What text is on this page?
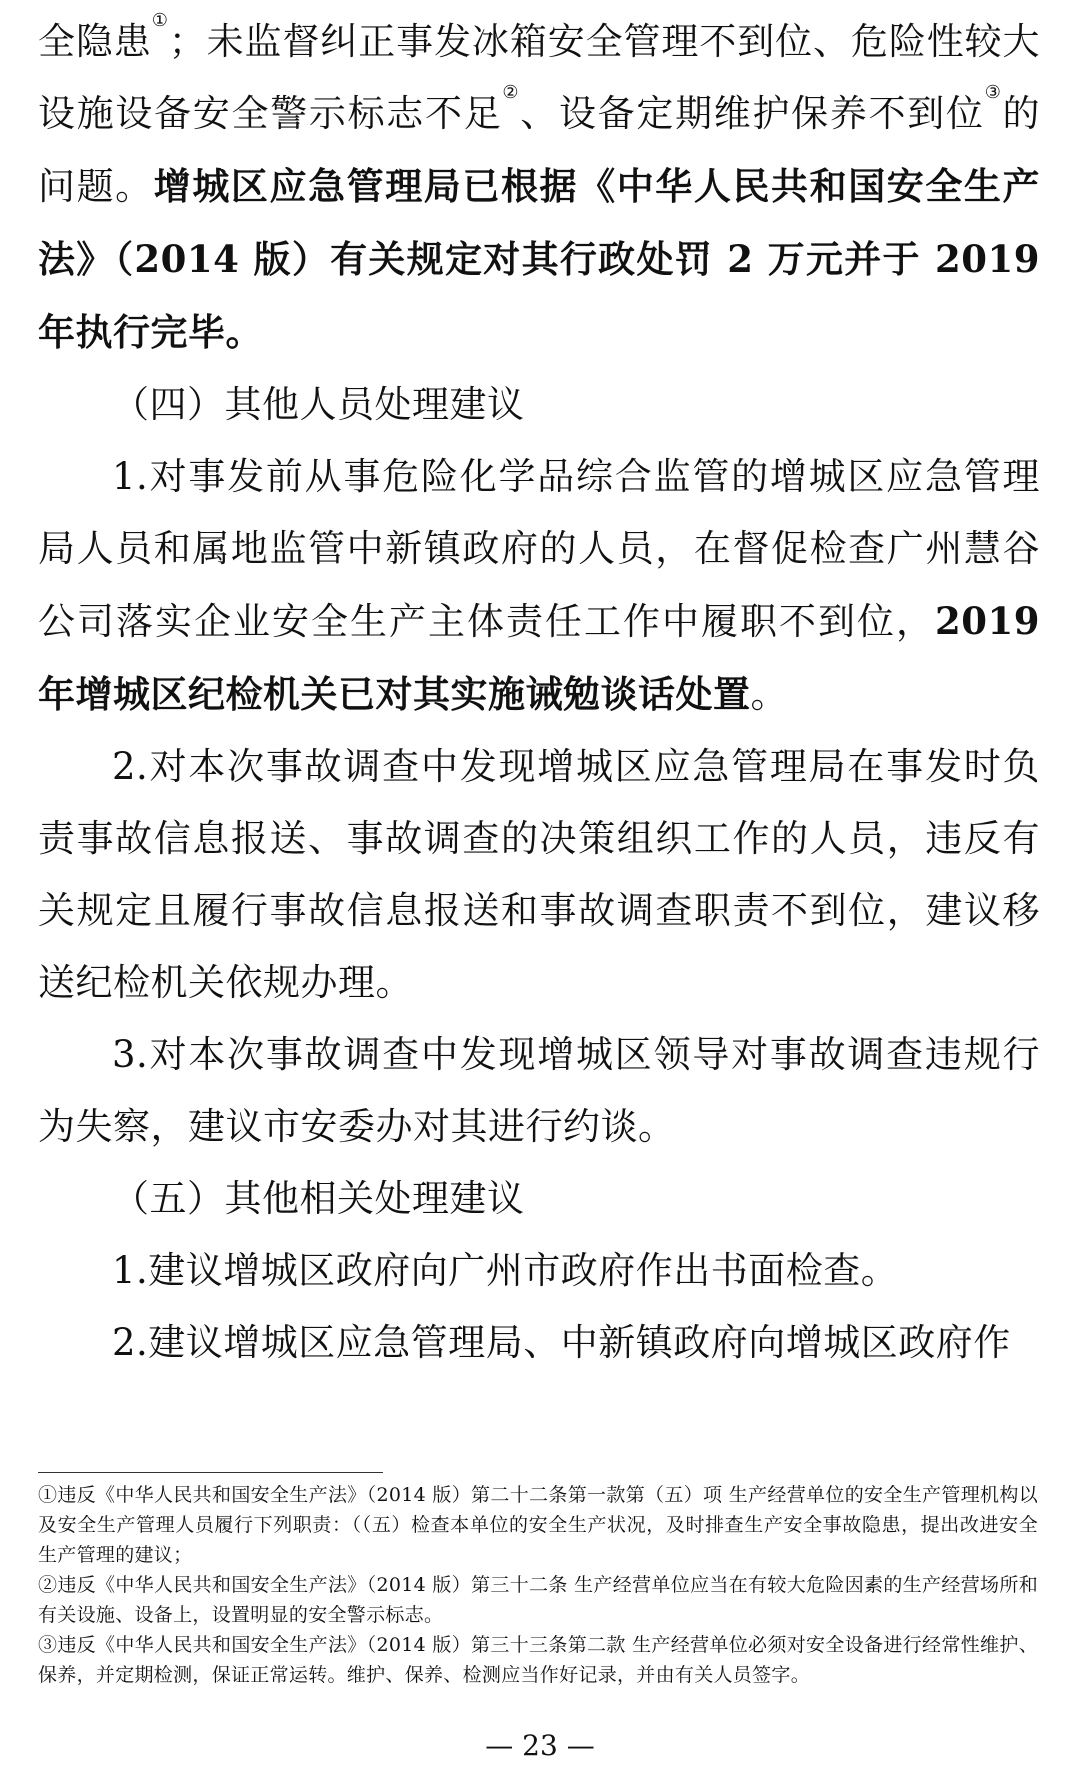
全隐患①；未监督纠正事发冰箱安全管理不到位、危险性较大设施设备安全警示标志不足②、设备定期维护保养不到位③的问题。增城区应急管理局已根据《中华人民共和国安全生产法》（2014 版）有关规定对其行政处罚 2 万元并于 2019 年执行完毕。

（四）其他人员处理建议

1.对事发前从事危险化学品综合监管的增城区应急管理局人员和属地监管中新镇政府的人员，在督促检查广州慧谷公司落实企业安全生产主体责任工作中履职不到位，2019 年增城区纪检机关已对其实施诫勉谈话处置。

2.对本次事故调查中发现增城区应急管理局在事发时负责事故信息报送、事故调查的决策组织工作的人员，违反有关规定且履行事故信息报送和事故调查职责不到位，建议移送纪检机关依规办理。

3.对本次事故调查中发现增城区领导对事故调查违规行为失察，建议市安委办对其进行约谈。

（五）其他相关处理建议

1.建议增城区政府向广州市政府作出书面检查。

2.建议增城区应急管理局、中新镇政府向增城区政府作

①违反《中华人民共和国安全生产法》（2014 版）第二十二条第一款第（五）项 生产经营单位的安全生产管理机构以及安全生产管理人员履行下列职责：（（五）检查本单位的安全生产状况，及时排查生产安全事故隐患，提出改进安全生产管理的建议；

②违反《中华人民共和国安全生产法》（2014 版）第三十二条 生产经营单位应当在有较大危险因素的生产经营场所和有关设施、设备上，设置明显的安全警示标志。

③违反《中华人民共和国安全生产法》（2014 版）第三十三条第二款 生产经营单位必须对安全设备进行经常性维护、保养，并定期检测，保证正常运转。维护、保养、检测应当作好记录，并由有关人员签字。

— 23 —
